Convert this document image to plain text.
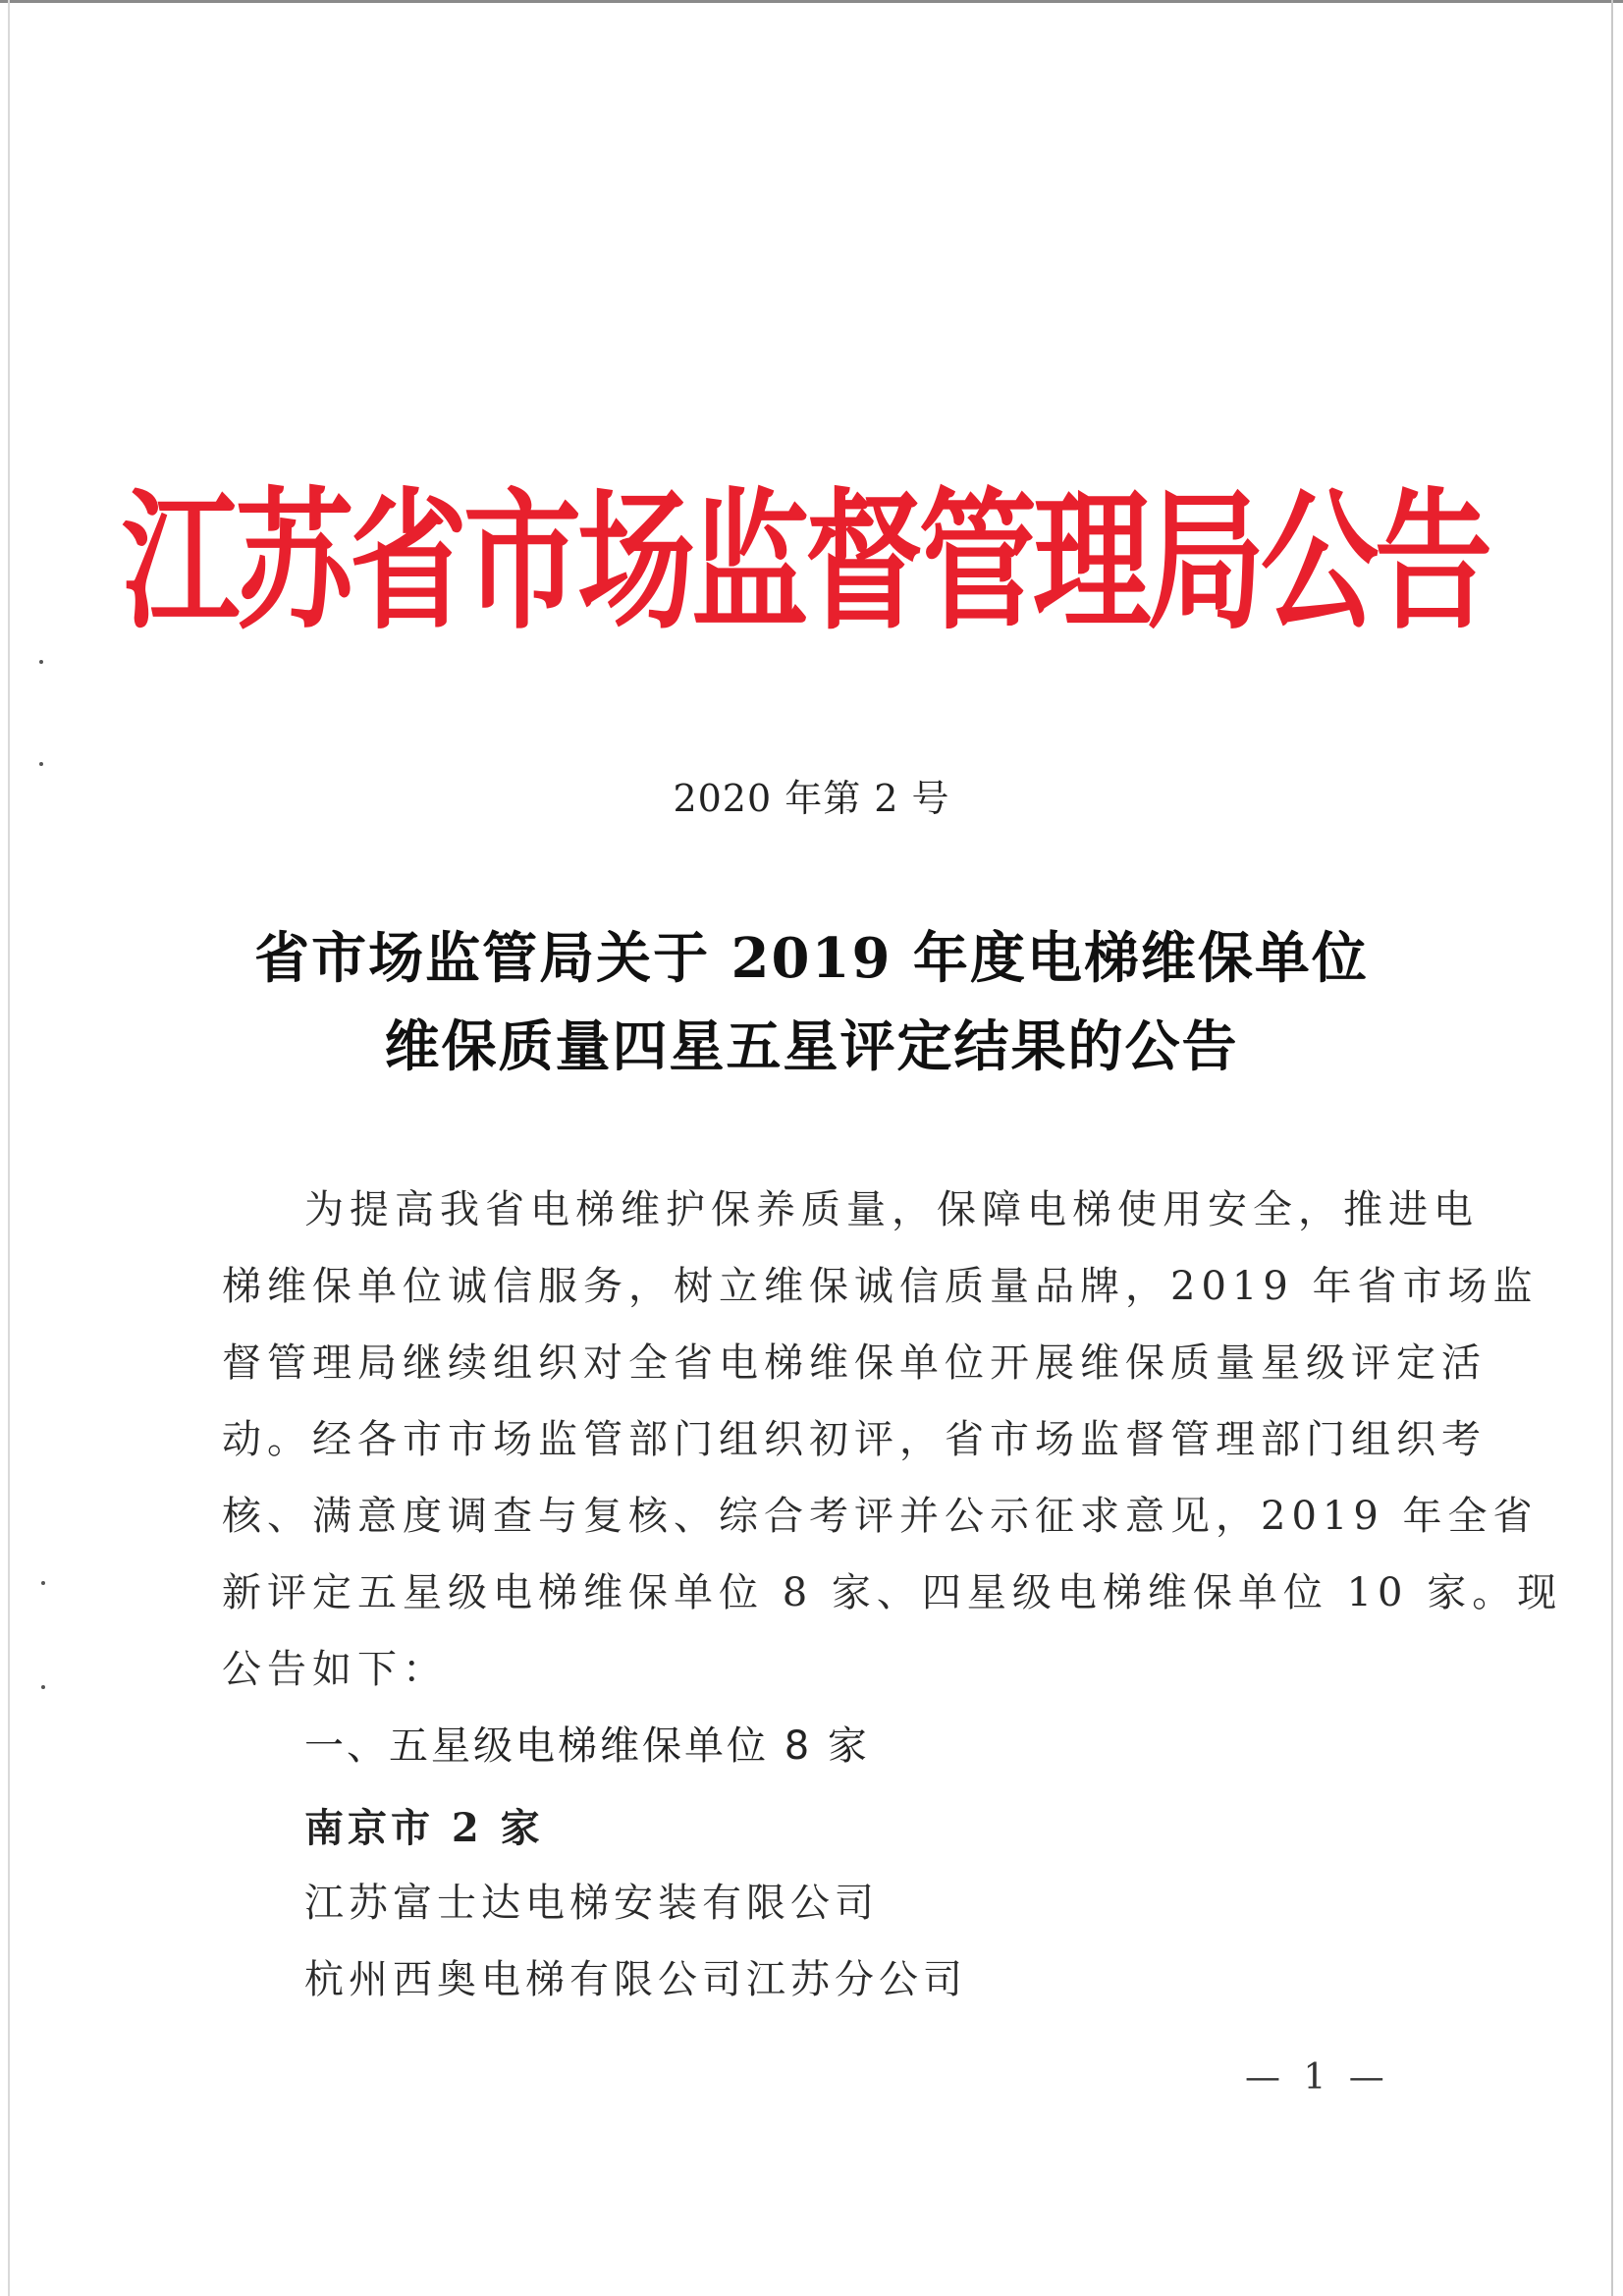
江苏省市场监督管理局公告
2020 年第 2 号
省市场监管局关于 2019 年度电梯维保单位
维保质量四星五星评定结果的公告
为提高我省电梯维护保养质量，保障电梯使用安全，推进电
梯维保单位诚信服务，树立维保诚信质量品牌，2019 年省市场监
督管理局继续组织对全省电梯维保单位开展维保质量星级评定活
动。经各市市场监管部门组织初评，省市场监督管理部门组织考
核、满意度调查与复核、综合考评并公示征求意见，2019 年全省
新评定五星级电梯维保单位 8 家、四星级电梯维保单位 10 家。现
公告如下：
一、五星级电梯维保单位 8 家
南京市 2 家
江苏富士达电梯安装有限公司
杭州西奥电梯有限公司江苏分公司
— 1 —
